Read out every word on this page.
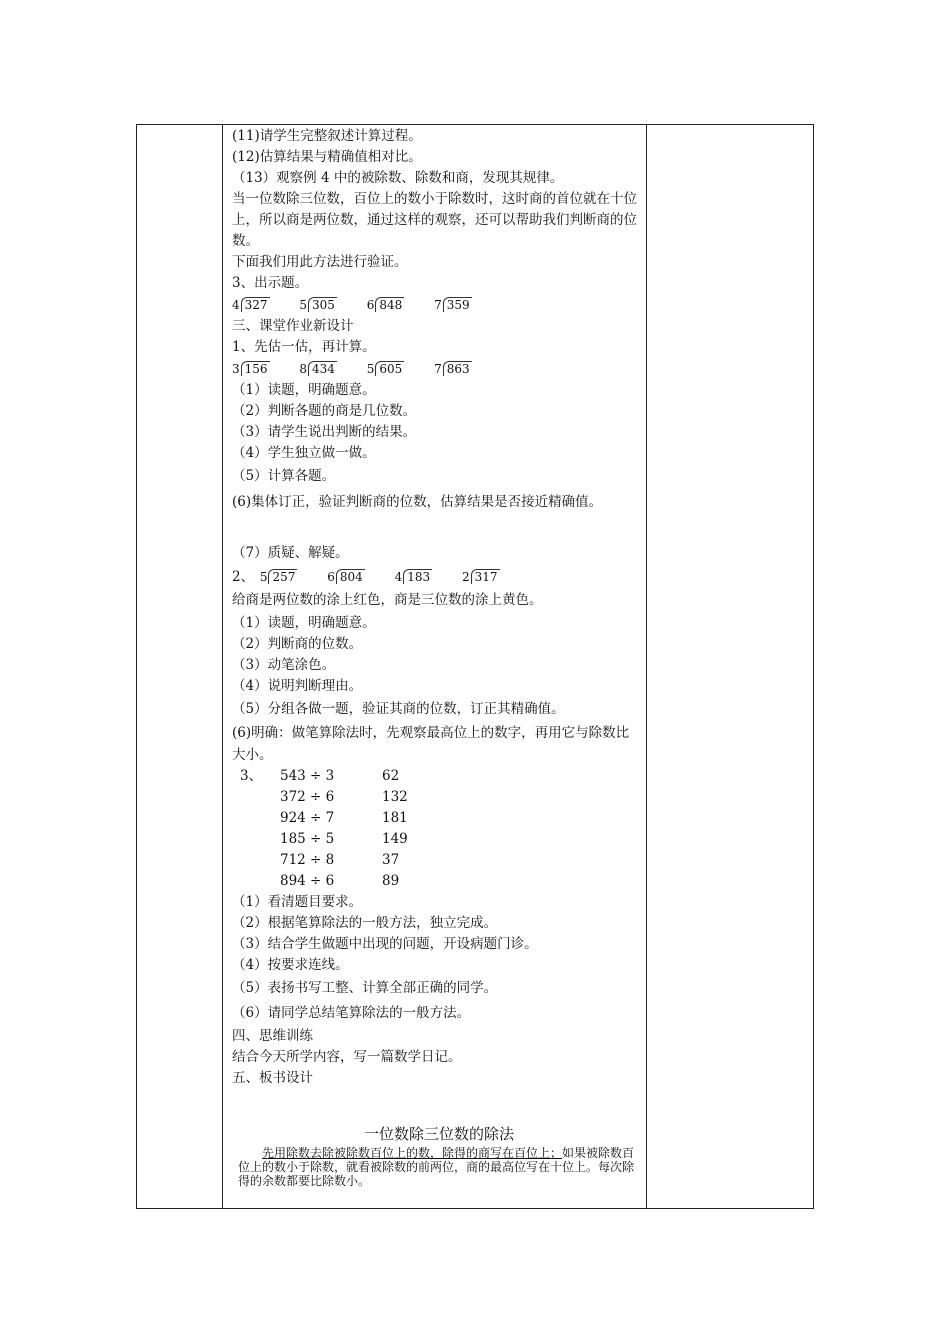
(11)请学生完整叙述计算过程。
(12)估算结果与精确值相对比。
（13）观察例 4 中的被除数、除数和商，发现其规律。
当一位数除三位数，百位上的数小于除数时，这时商的首位就在十位上，所以商是两位数，通过这样的观察，还可以帮助我们判断商的位数。
下面我们用此方法进行验证。
3、出示题。
4 327	5 305	6 848	7 359
三、课堂作业新设计
1、先估一估，再计算。
3 156	8 434	5 605	7 863
（1）读题，明确题意。
（2）判断各题的商是几位数。
（3）请学生说出判断的结果。
（4）学生独立做一做。
（5）计算各题。
(6)集体订正，验证判断商的位数，估算结果是否接近精确值。
（7）质疑、解疑。
2、 5 257	6 804	4 183	2 317
给商是两位数的涂上红色，商是三位数的涂上黄色。
（1）读题，明确题意。
（2）判断商的位数。
（3）动笔涂色。
（4）说明判断理由。
（5）分组各做一题，验证其商的位数，订正其精确值。
(6)明确：做笔算除法时，先观察最高位上的数字，再用它与除数比大小。
3、 543 ÷ 3	62
372 ÷ 6	132
924 ÷ 7	181
185 ÷ 5	149
712 ÷ 8	37
894 ÷ 6	89
（1）看清题目要求。
（2）根据笔算除法的一般方法，独立完成。
（3）结合学生做题中出现的问题，开设病题门诊。
（4）按要求连线。
（5）表扬书写工整、计算全部正确的同学。
（6）请同学总结笔算除法的一般方法。
四、思维训练
结合今天所学内容，写一篇数学日记。
五、板书设计
一位数除三位数的除法
先用除数去除被除数百位上的数，除得的商写在百位上；如果被除数百位上的数小于除数，就看被除数的前两位，商的最高位写在十位上。每次除得的余数都要比除数小。
